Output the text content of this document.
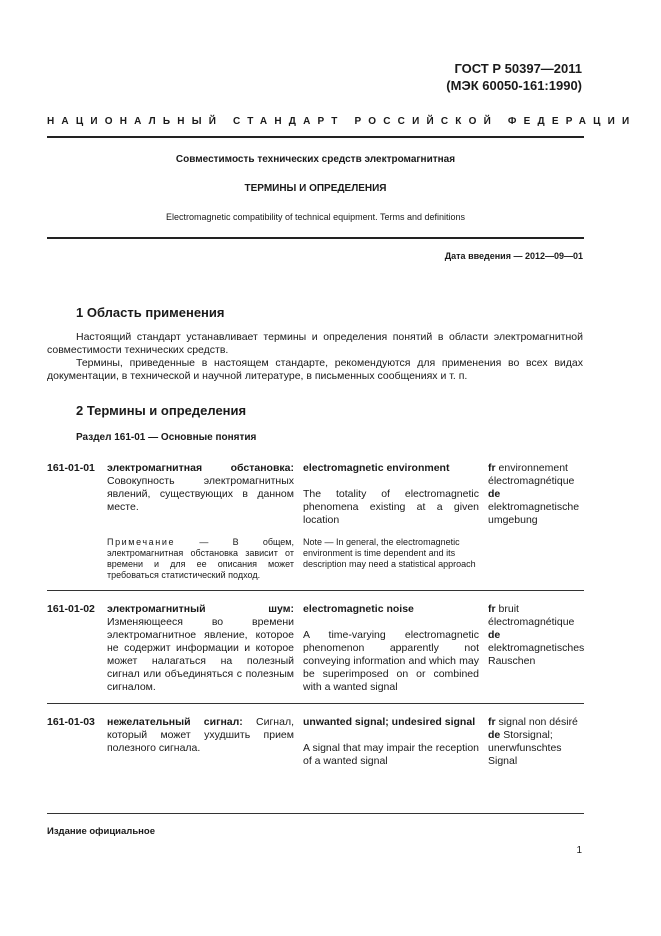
ГОСТ Р 50397—2011
(МЭК 60050-161:1990)
НАЦИОНАЛЬНЫЙ СТАНДАРТ РОССИЙСКОЙ ФЕДЕРАЦИИ
Совместимость технических средств электромагнитная
ТЕРМИНЫ И ОПРЕДЕЛЕНИЯ
Electromagnetic compatibility of technical equipment. Terms and definitions
Дата введения — 2012—09—01
1 Область применения

Настоящий стандарт устанавливает термины и определения понятий в области электромагнитной совместимости технических средств.

Термины, приведенные в настоящем стандарте, рекомендуются для применения во всех видах документации, в технической и научной литературе, в письменных сообщениях и т. п.

2 Термины и определения
Раздел 161-01 — Основные понятия
161-01-01 электромагнитная обстановка: Совокупность электромагнитных явлений, существующих в данном месте.
electromagnetic environment
The totality of electromagnetic phenomena existing at a given location
fr environnement électromagnétique
de elektromagnetische umgebung
Примечание	— В общем, электромагнитная обстановка зависит от времени и для ее описания может требоваться статистический подход.
Note — In general, the electromagnetic environment is time dependent and its description may need a statistical approach
161-01-02 электромагнитный шум: Изменяющееся во времени электромагнитное явление, которое не содержит информации и которое может налагаться на полезный сигнал или объединяться с полезным сигналом.
electromagnetic noise
A time-varying electromagnetic phenomenon apparently not conveying information and which may be superimposed on or combined with a wanted signal
fr bruit électromagnétique
de elektromagnetisches Rauschen
161-01-03 нежелательный сигнал: Сигнал, который может ухудшить прием полезного сигнала.
unwanted signal; undesired signal
A signal that may impair the reception of a wanted signal
fr signal non désiré
de Storsignal; unerwfunschtes Signal
Издание официальное
1
